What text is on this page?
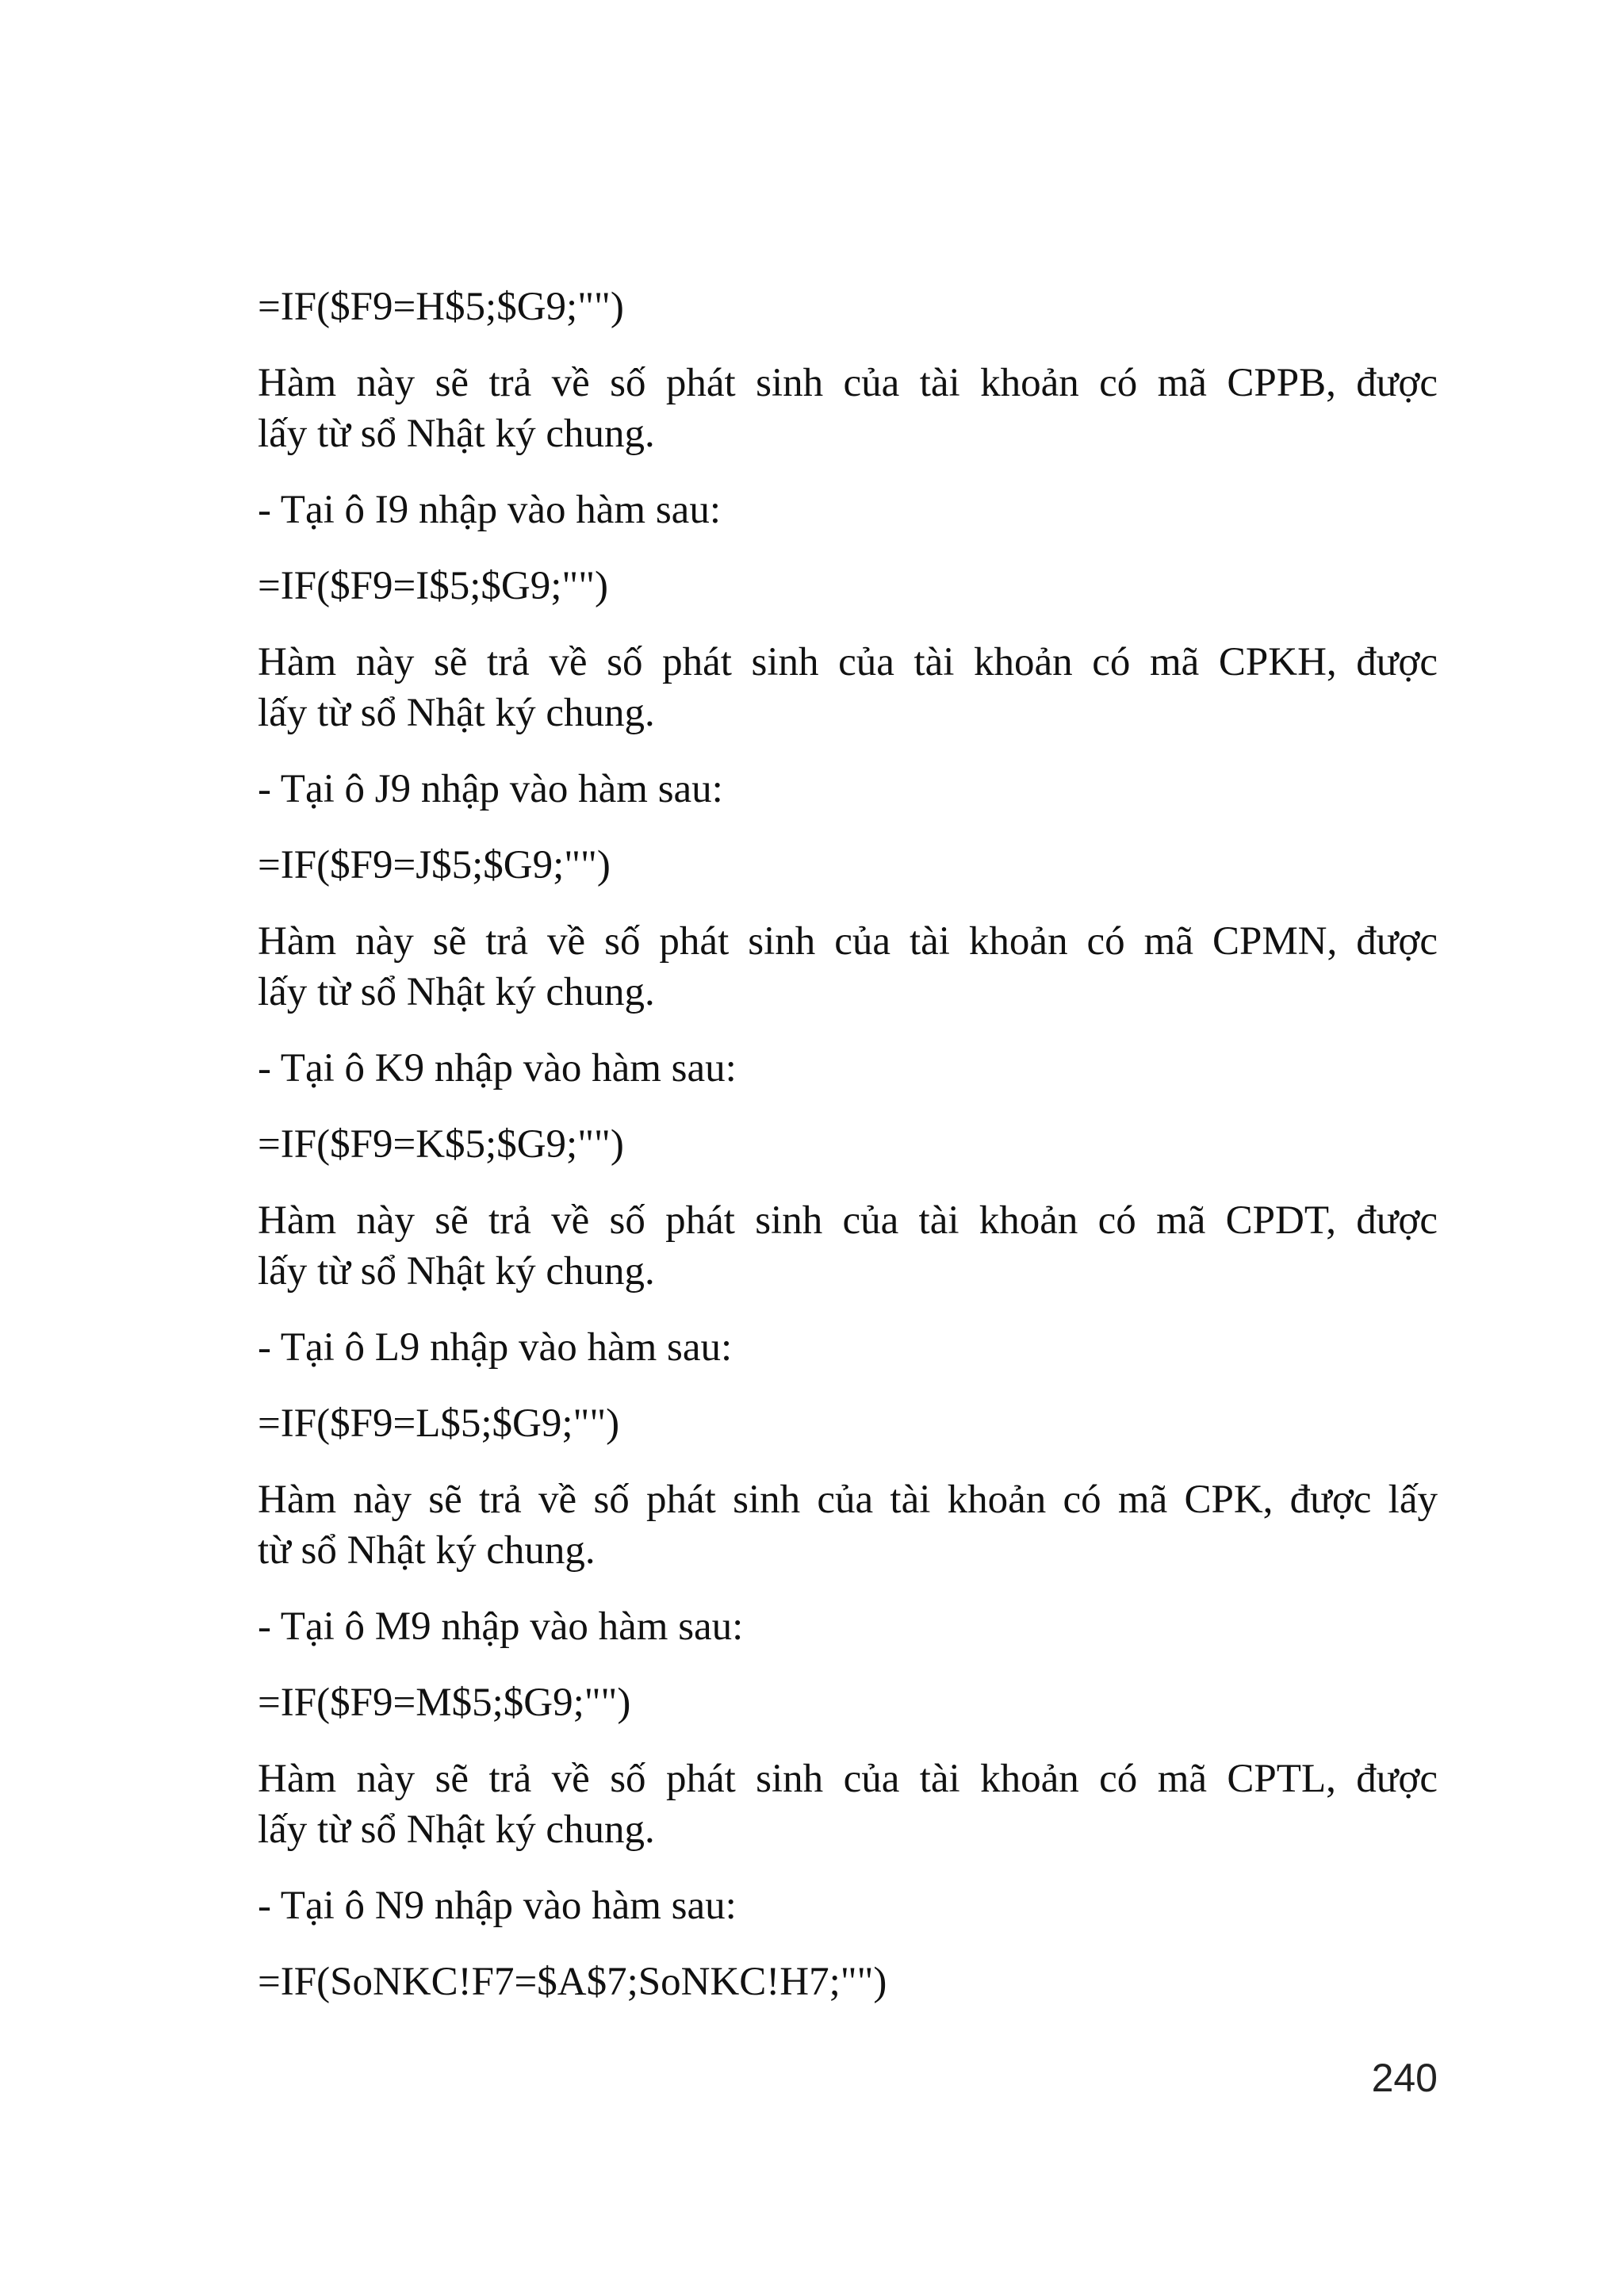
=IF($F9=H$5;$G9;"")

Hàm này sẽ trả về số phát sinh của tài khoản có mã CPPB, được
lấy từ sổ Nhật ký chung.

- Tại ô I9 nhập vào hàm sau:

=IF($F9=I$5;$G9;"")

Hàm này sẽ trả về số phát sinh của tài khoản có mã CPKH, được
lấy từ sổ Nhật ký chung.

- Tại ô J9 nhập vào hàm sau:

=IF($F9=J$5;$G9;"")

Hàm này sẽ trả về số phát sinh của tài khoản có mã CPMN, được
lấy từ sổ Nhật ký chung.

- Tại ô K9 nhập vào hàm sau:

=IF($F9=K$5;$G9;"")

Hàm này sẽ trả về số phát sinh của tài khoản có mã CPDT, được
lấy từ sổ Nhật ký chung.

- Tại ô L9 nhập vào hàm sau:

=IF($F9=L$5;$G9;"")

Hàm này sẽ trả về số phát sinh của tài khoản có mã CPK, được lấy
từ sổ Nhật ký chung.

- Tại ô M9 nhập vào hàm sau:

=IF($F9=M$5;$G9;"")

Hàm này sẽ trả về số phát sinh của tài khoản có mã CPTL, được
lấy từ sổ Nhật ký chung.

- Tại ô N9 nhập vào hàm sau:

=IF(SoNKC!F7=$A$7;SoNKC!H7;"")

240
